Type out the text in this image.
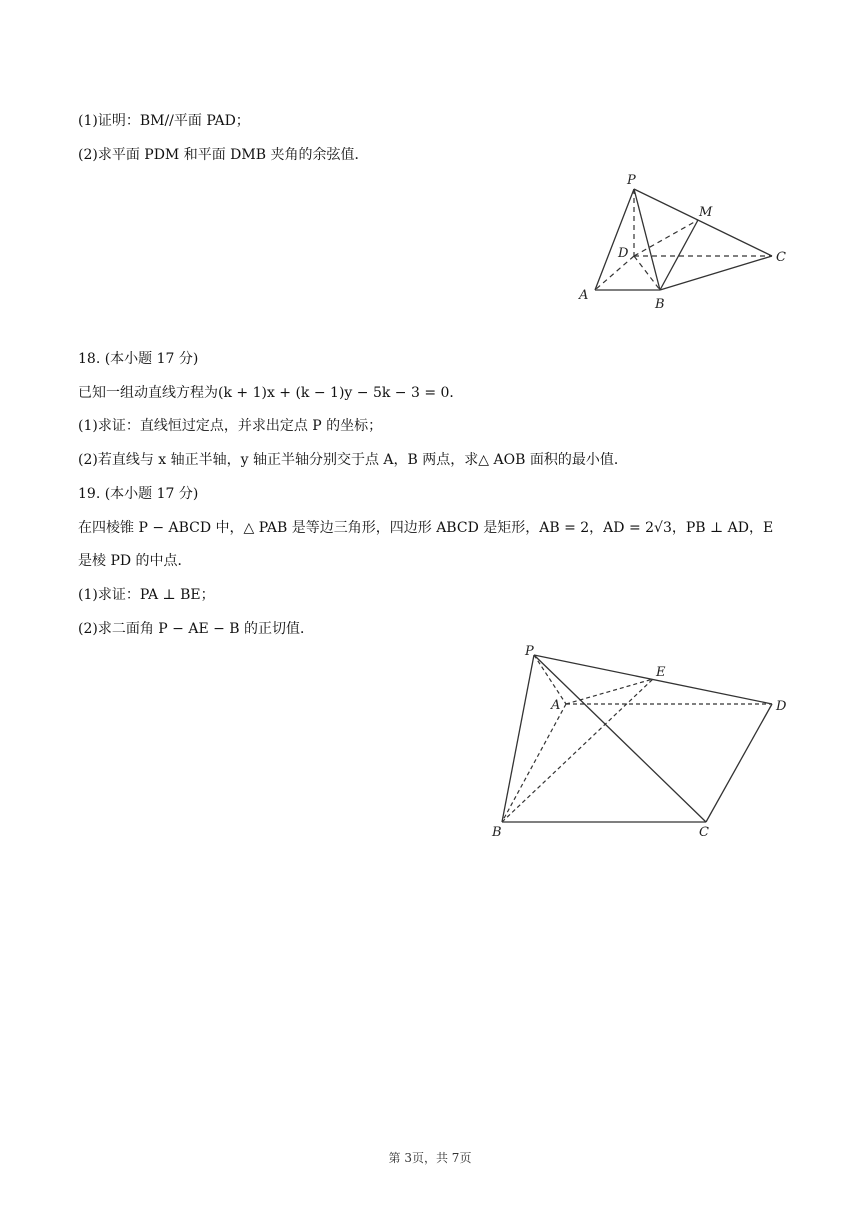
(1)证明：BM//平面 PAD；
(2)求平面 PDM 和平面 DMB 夹角的余弦值．
P
M
D	C
A
B
18. (本小题 17 分)
已知一组动直线方程为(k + 1)x + (k − 1)y − 5k − 3 = 0．
(1)求证：直线恒过定点，并求出定点 P 的坐标；
(2)若直线与 x 轴正半轴，y 轴正半轴分别交于点 A，B 两点，求△ AOB 面积的最小值．
19. (本小题 17 分)
在四棱锥 P − ABCD 中，△ PAB 是等边三角形，四边形 ABCD 是矩形，AB = 2，AD = 2√3，PB ⊥ AD，E
是棱 PD 的中点．
(1)求证：PA ⊥ BE；
(2)求二面角 P − AE − B 的正切值．
P
E
A	D
B	C
第 3页，共 7页
